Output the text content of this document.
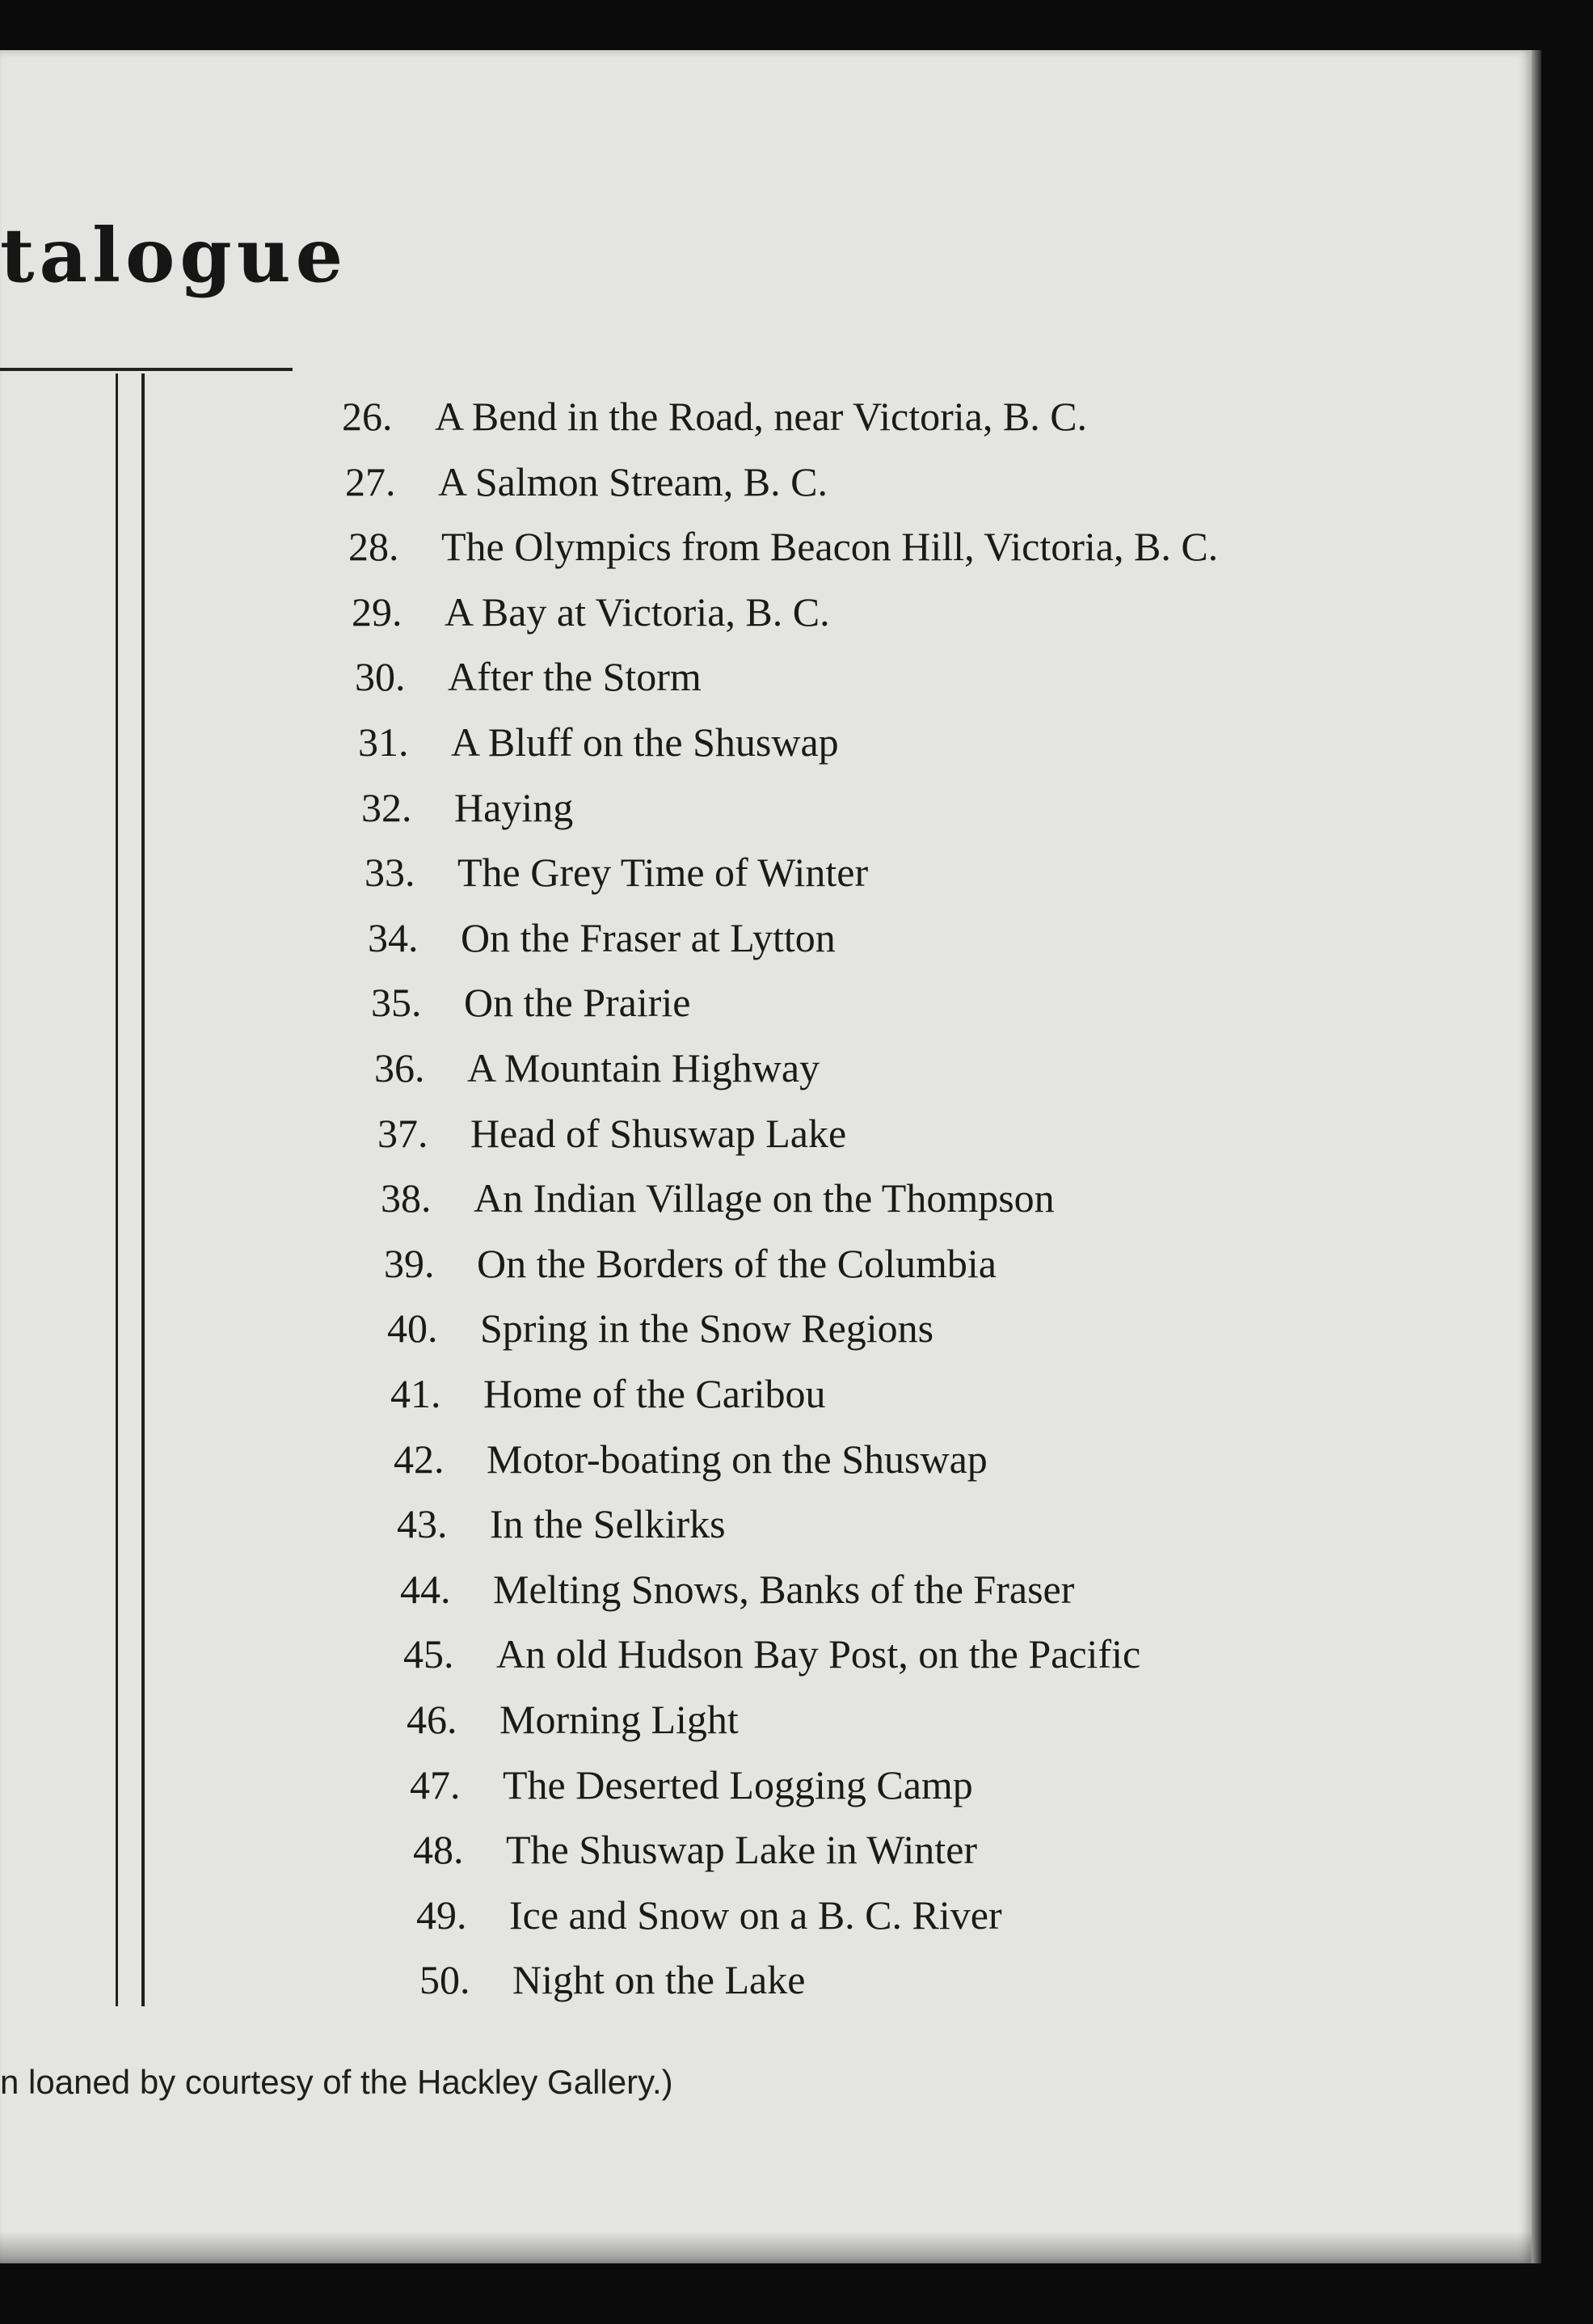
talogue
26. A Bend in the Road, near Victoria, B. C.
27. A Salmon Stream, B. C.
28. The Olympics from Beacon Hill, Victoria, B. C.
29. A Bay at Victoria, B. C.
30. After the Storm
31. A Bluff on the Shuswap
32. Haying
33. The Grey Time of Winter
34. On the Fraser at Lytton
35. On the Prairie
36. A Mountain Highway
37. Head of Shuswap Lake
38. An Indian Village on the Thompson
39. On the Borders of the Columbia
40. Spring in the Snow Regions
41. Home of the Caribou
42. Motor-boating on the Shuswap
43. In the Selkirks
44. Melting Snows, Banks of the Fraser
45. An old Hudson Bay Post, on the Pacific
46. Morning Light
47. The Deserted Logging Camp
48. The Shuswap Lake in Winter
49. Ice and Snow on a B. C. River
50. Night on the Lake
n loaned by courtesy of the Hackley Gallery.)
